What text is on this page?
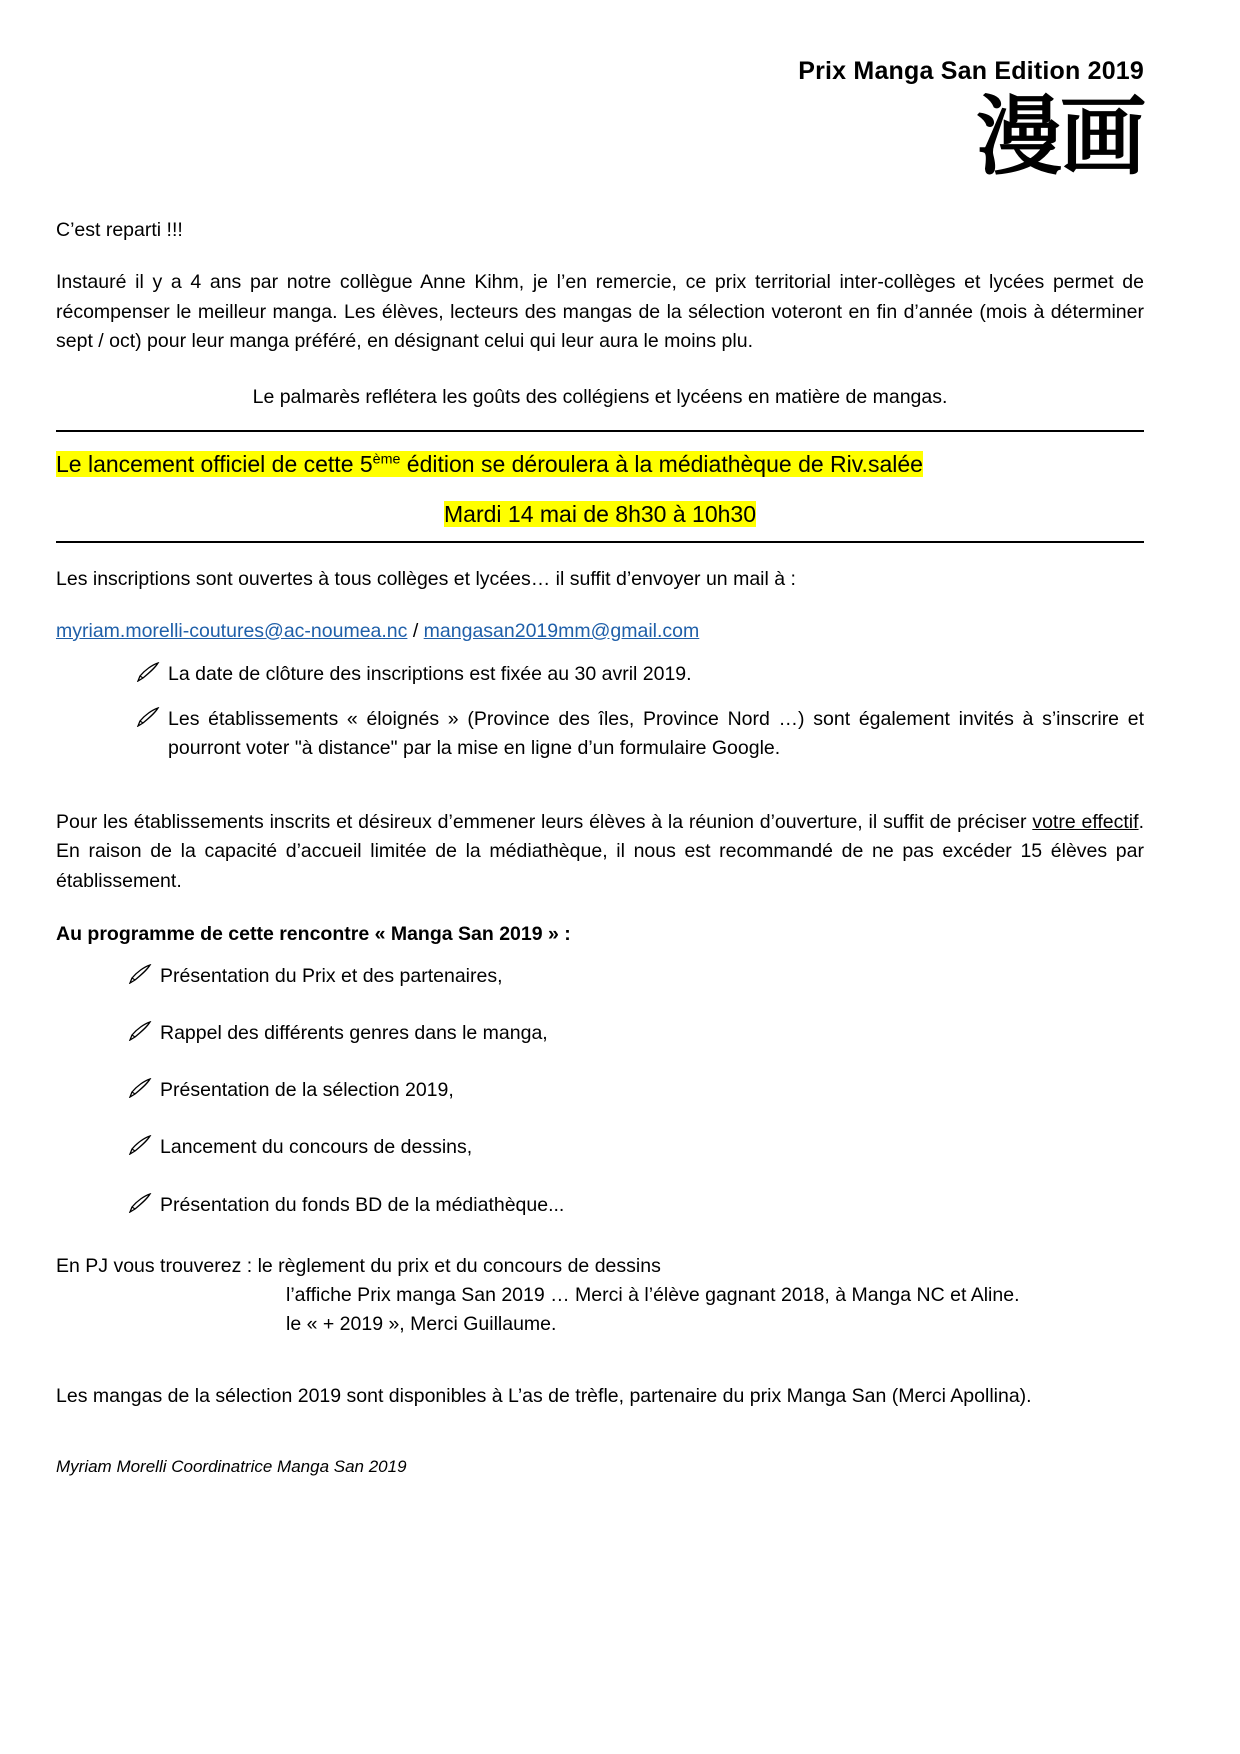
Prix Manga San Edition 2019
漫画

C’est reparti !!!

Instauré il y a 4 ans par notre collègue Anne Kihm, je l’en remercie, ce prix territorial inter-collèges et lycées permet de récompenser le meilleur manga. Les élèves, lecteurs des mangas de la sélection voteront en fin d’année (mois à déterminer sept / oct) pour leur manga préféré, en désignant celui qui leur aura le moins plu.

Le palmarès reflétera les goûts des collégiens et lycéens en matière de mangas.

Le lancement officiel de cette 5ème édition se déroulera à la médiathèque de Riv.salée
Mardi 14 mai de 8h30 à 10h30

Les inscriptions sont ouvertes à tous collèges et lycées… il suffit d’envoyer un mail à :

myriam.morelli-coutures@ac-noumea.nc / mangasan2019mm@gmail.com

La date de clôture des inscriptions est fixée au 30 avril 2019.
Les établissements « éloignés » (Province des îles, Province Nord …) sont également invités à s’inscrire et pourront voter "à distance" par la mise en ligne d’un formulaire Google.

Pour les établissements inscrits et désireux d’emmener leurs élèves à la réunion d’ouverture, il suffit de préciser votre effectif. En raison de la capacité d’accueil limitée de la médiathèque, il nous est recommandé de ne pas excéder 15 élèves par établissement.

Au programme de cette rencontre « Manga San 2019 » :
Présentation du Prix et des partenaires,
Rappel des différents genres dans le manga,
Présentation de la sélection 2019,
Lancement du concours de dessins,
Présentation du fonds BD de la médiathèque...
En PJ vous trouverez : le règlement du prix et du concours de dessins
l’affiche Prix manga San 2019 … Merci à l’élève gagnant 2018, à Manga NC et Aline.
le « + 2019 », Merci Guillaume.

Les mangas de la sélection 2019 sont disponibles à L’as de trèfle, partenaire du prix Manga San (Merci Apollina).

Myriam Morelli Coordinatrice Manga San 2019
